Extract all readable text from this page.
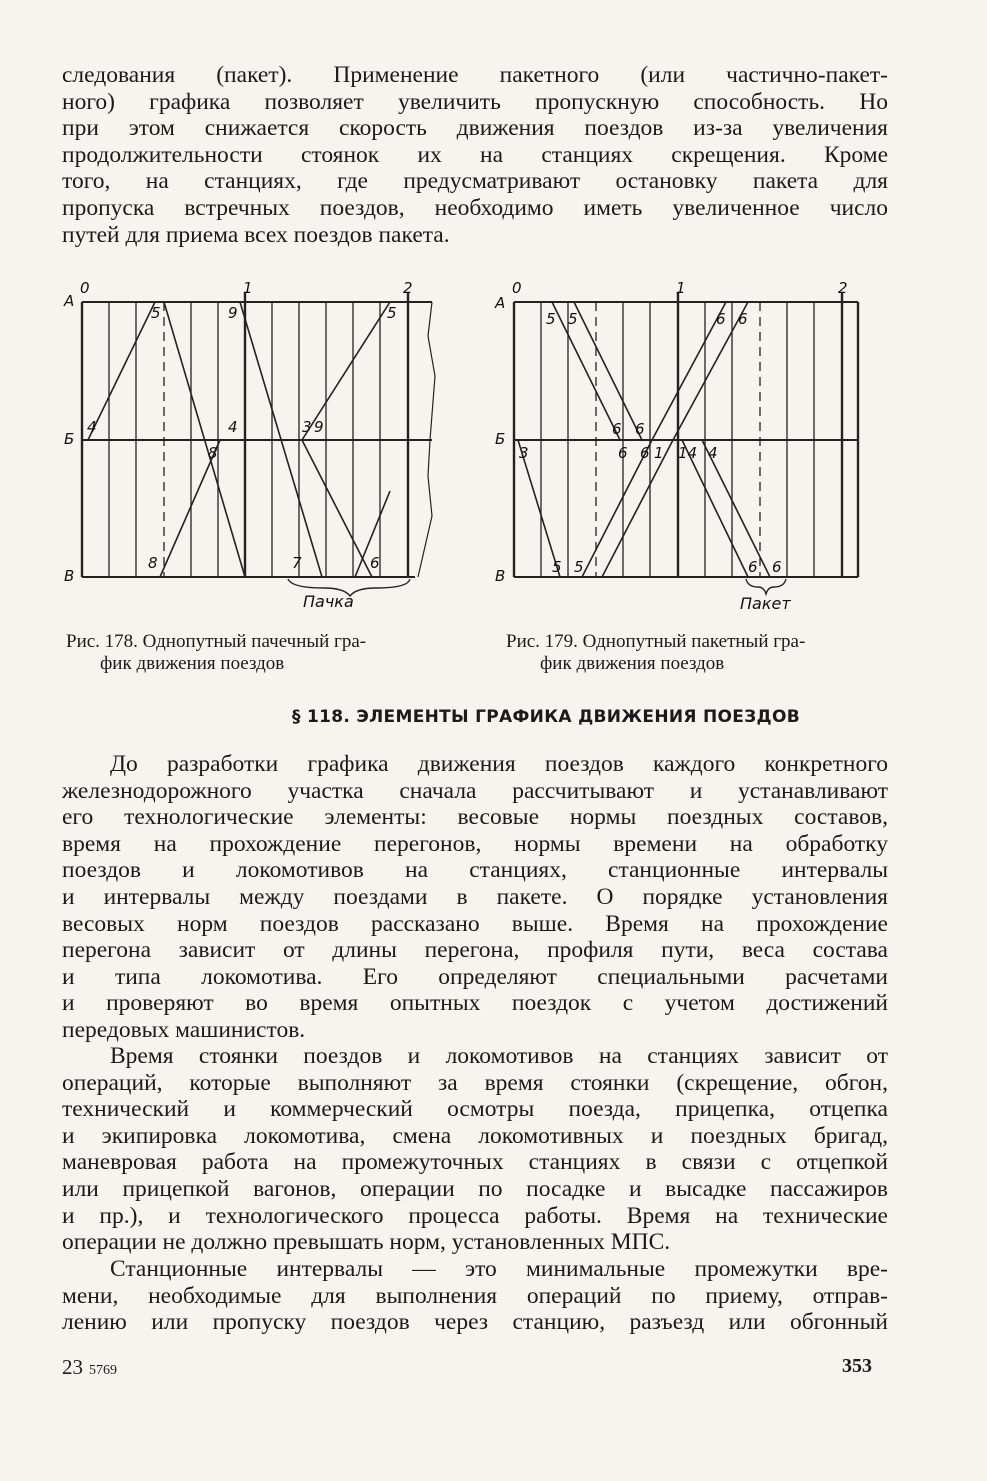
следования (пакет). Применение пакетного (или частично-пакет-
ного) графика позволяет увеличить пропускную способность. Но
при этом снижается скорость движения поездов из-за увеличения
продолжительности стоянок их на станциях скрещения. Кроме
того, на станциях, где предусматривают остановку пакета для
пропуска встречных поездов, необходимо иметь увеличенное число
путей для приема всех поездов пакета.
А
Б
В
0	1	2
5	9	5
4	4	3 9
8
8	7	6
Пачка
А
Б
В
0	1	2
5 5	6 6
6 6
3	6 6 1 14 4
5 5	6 6
Пакет
Рис. 178. Однопутный пачечный гра-
фик движения поездов
Рис. 179. Однопутный пакетный гра-
фик движения поездов
§ 118. ЭЛЕМЕНТЫ ГРАФИКА ДВИЖЕНИЯ ПОЕЗДОВ
До разработки графика движения поездов каждого конкретного
железнодорожного участка сначала рассчитывают и устанавливают
его технологические элементы: весовые нормы поездных составов,
время на прохождение перегонов, нормы времени на обработку
поездов и локомотивов на станциях, станционные интервалы
и интервалы между поездами в пакете. О порядке установления
весовых норм поездов рассказано выше. Время на прохождение
перегона зависит от длины перегона, профиля пути, веса состава
и типа локомотива. Его определяют специальными расчетами
и проверяют во время опытных поездок с учетом достижений
передовых машинистов.
Время стоянки поездов и локомотивов на станциях зависит от
операций, которые выполняют за время стоянки (скрещение, обгон,
технический и коммерческий осмотры поезда, прицепка, отцепка
и экипировка локомотива, смена локомотивных и поездных бригад,
маневровая работа на промежуточных станциях в связи с отцепкой
или прицепкой вагонов, операции по посадке и высадке пассажиров
и пр.), и технологического процесса работы. Время на технические
операции не должно превышать норм, установленных МПС.
Станционные интервалы — это минимальные промежутки вре-
мени, необходимые для выполнения операций по приему, отправ-
лению или пропуску поездов через станцию, разъезд или обгонный
23 5769	353
